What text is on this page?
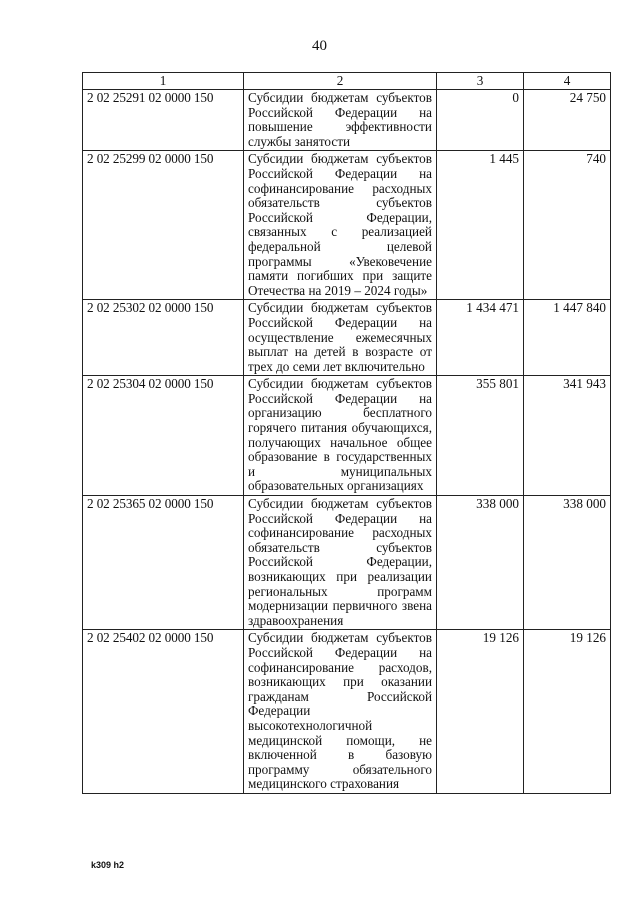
40
1	2	3	4
2 02 25291 02 0000 150	Субсидии бюджетам субъектов Российской Федерации на повышение эффективности службы занятости	0	24 750
2 02 25299 02 0000 150	Субсидии бюджетам субъектов Российской Федерации на софинансирование расходных обязательств субъектов Российской Федерации, связанных с реализацией федеральной целевой программы «Увековечение памяти погибших при защите Отечества на 2019 – 2024 годы»	1 445	740
2 02 25302 02 0000 150	Субсидии бюджетам субъектов Российской Федерации на осуществление ежемесячных выплат на детей в возрасте от трех до семи лет включительно	1 434 471	1 447 840
2 02 25304 02 0000 150	Субсидии бюджетам субъектов Российской Федерации на организацию бесплатного горячего питания обучающихся, получающих начальное общее образование в государственных и муниципальных образовательных организациях	355 801	341 943
2 02 25365 02 0000 150	Субсидии бюджетам субъектов Российской Федерации на софинансирование расходных обязательств субъектов Российской Федерации, возникающих при реализации региональных программ модернизации первичного звена здравоохранения	338 000	338 000
2 02 25402 02 0000 150	Субсидии бюджетам субъектов Российской Федерации на софинансирование расходов, возникающих при оказании гражданам Российской Федерации высокотехнологичной медицинской помощи, не включенной в базовую программу обязательного медицинского страхования	19 126	19 126
k309 h2
